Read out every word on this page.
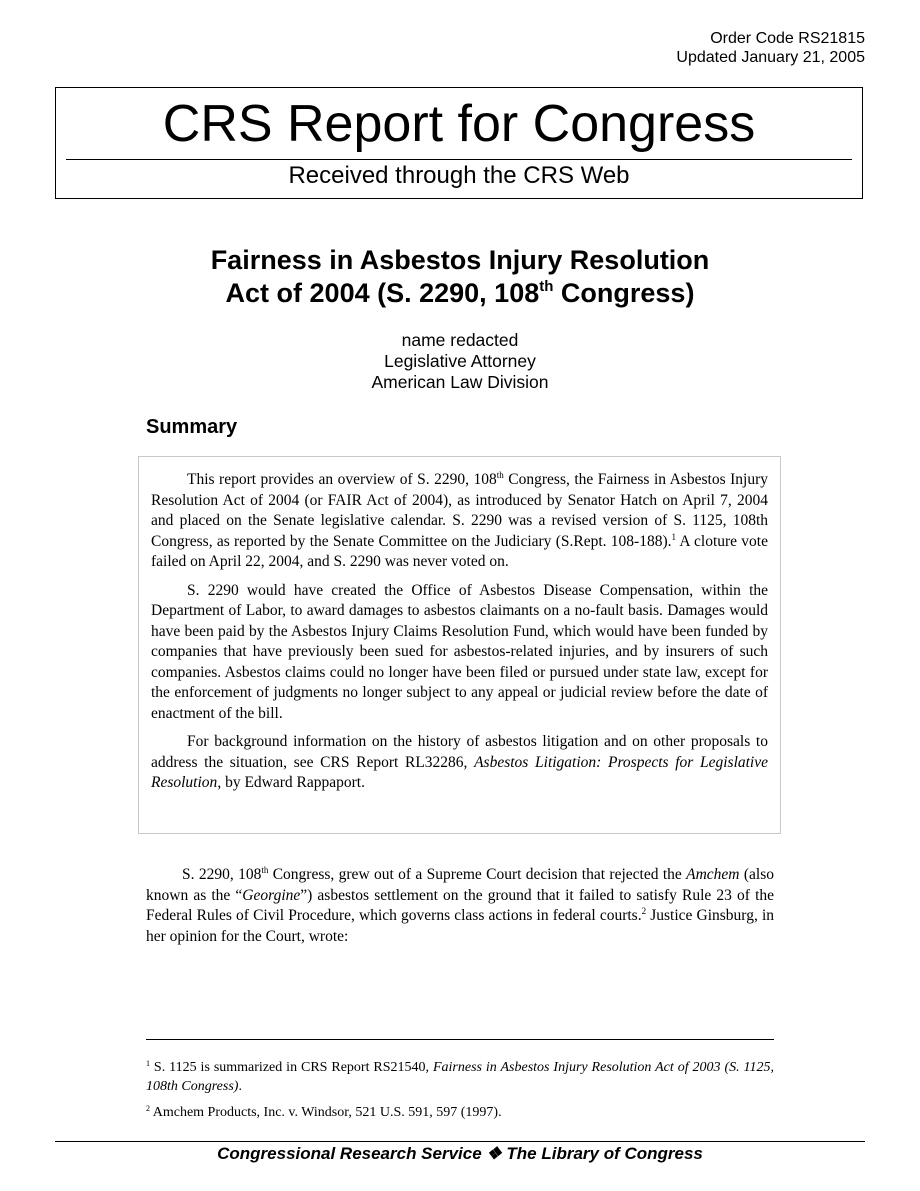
Order Code RS21815
Updated January 21, 2005
CRS Report for Congress
Received through the CRS Web
Fairness in Asbestos Injury Resolution
Act of 2004 (S. 2290, 108th Congress)
name redacted
Legislative Attorney
American Law Division
Summary

This report provides an overview of S. 2290, 108th Congress, the Fairness in Asbestos Injury Resolution Act of 2004 (or FAIR Act of 2004), as introduced by Senator Hatch on April 7, 2004 and placed on the Senate legislative calendar. S. 2290 was a revised version of S. 1125, 108th Congress, as reported by the Senate Committee on the Judiciary (S.Rept. 108-188).$^1$ A cloture vote failed on April 22, 2004, and S. 2290 was never voted on.

S. 2290 would have created the Office of Asbestos Disease Compensation, within the Department of Labor, to award damages to asbestos claimants on a no-fault basis. Damages would have been paid by the Asbestos Injury Claims Resolution Fund, which would have been funded by companies that have previously been sued for asbestos-related injuries, and by insurers of such companies. Asbestos claims could no longer have been filed or pursued under state law, except for the enforcement of judgments no longer subject to any appeal or judicial review before the date of enactment of the bill.

For background information on the history of asbestos litigation and on other proposals to address the situation, see CRS Report RL32286, Asbestos Litigation: Prospects for Legislative Resolution, by Edward Rappaport.

S. 2290, 108th Congress, grew out of a Supreme Court decision that rejected the Amchem (also known as the “Georgine”) asbestos settlement on the ground that it failed to satisfy Rule 23 of the Federal Rules of Civil Procedure, which governs class actions in federal courts.$^2$ Justice Ginsburg, in her opinion for the Court, wrote:

$^1$ S. 1125 is summarized in CRS Report RS21540, Fairness in Asbestos Injury Resolution Act of 2003 (S. 1125, 108th Congress).

$^2$ Amchem Products, Inc. v. Windsor, 521 U.S. 591, 597 (1997).

Congressional Research Service ❖ The Library of Congress
